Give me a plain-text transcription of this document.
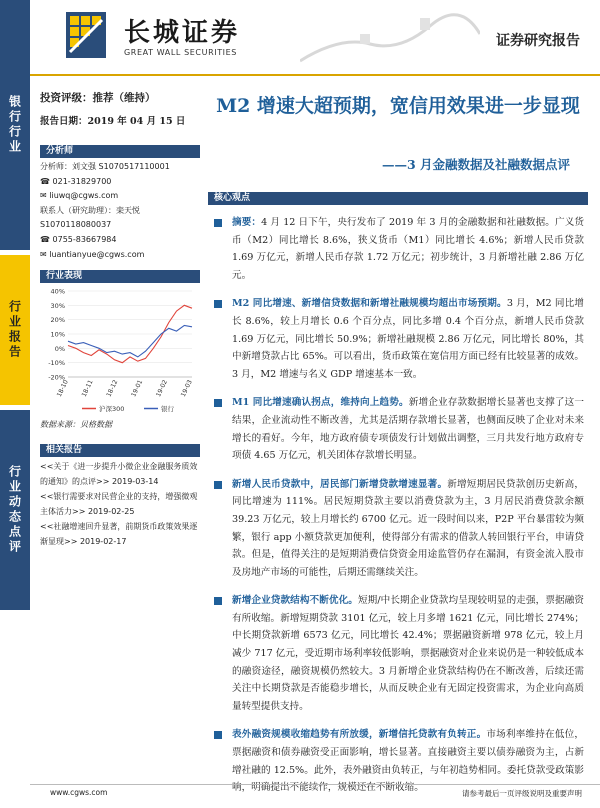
银行行业
行业报告
行业动态点评
长城证券
GREAT WALL SECURITIES
证券研究报告
投资评级：推荐（维持）
报告日期：2019 年 04 月 15 日
分析师
分析师：刘文强 S1070517110001
☎ 021-31829700
✉ liuwq@cgws.com
联系人（研究助理）：栾天悦
S1070118080037
☎ 0755-83667984
✉ luantianyue@cgws.com
行业表现
40%
30%
20%
10%
0%
-10%
-20%
18-10 18-11 18-12 19-01 19-02 19-03
沪深300	银行
数据来源：贝格数据
相关报告
<<关于《进一步提升小微企业金融服务质效的通知》的点评>> 2019-03-14
<<银行需要求对民营企业的支持，增强微观主体活力>> 2019-02-25
<<社融增速回升显著，前期货币政策效果逐渐显现>> 2019-02-17
M2 增速大超预期，宽信用效果进一步显现
——3 月金融数据及社融数据点评
核心观点
摘要：4 月 12 日下午，央行发布了 2019 年 3 月的金融数据和社融数据。广义货币（M2）同比增长 8.6%，狭义货币（M1）同比增长 4.6%；新增人民币贷款 1.69 万亿元，新增人民币存款 1.72 万亿元；初步统计，3 月新增社融 2.86 万亿元。
M2 同比增速、新增信贷数据和新增社融规模均超出市场预期。3 月，M2 同比增长 8.6%，较上月增长 0.6 个百分点，同比多增 0.4 个百分点，新增人民币贷款 1.69 万亿元，同比增长 50.9%；新增社融规模 2.86 万亿元，同比增长 80%，其中新增贷款占比 65%。可以看出，货币政策在宽信用方面已经有比较显著的成效。3 月，M2 增速与名义 GDP 增速基本一致。
M1 同比增速确认拐点，维持向上趋势。新增企业存款数据增长显著也支撑了这一结果，企业流动性不断改善，尤其是活期存款增长显著，也侧面反映了企业对未来增长的看好。今年，地方政府债专项债发行计划做出调整，三月共发行地方政府专项债 4.65 万亿元，机关团体存款增长明显。
新增人民币贷款中，居民部门新增贷款增速显著。新增短期居民贷款创历史新高，同比增速为 111%。居民短期贷款主要以消费贷款为主，3 月居民消费贷款余额 39.23 万亿元，较上月增长约 6700 亿元。近一段时间以来，P2P 平台暴雷较为频繁，银行 app 小额贷款更加便利，使得部分有需求的借款人转回银行平台，申请贷款。但是，值得关注的是短期消费信贷资金用途监管仍存在漏洞，有资金流入股市及房地产市场的可能性，后期还需继续关注。
新增企业贷款结构不断优化。短期/中长期企业贷款均呈现较明显的走强，票据融资有所收缩。新增短期贷款 3101 亿元，较上月多增 1621 亿元，同比增长 274%；中长期贷款新增 6573 亿元，同比增长 42.4%；票据融资新增 978 亿元，较上月减少 717 亿元，受近期市场利率较低影响，票据融资对企业来说仍是一种较低成本的融资途径，融资规模仍然较大。3 月新增企业贷款结构仍在不断改善，后续还需关注中长期贷款是否能稳步增长，从而反映企业有无固定投资需求，为企业向高质量转型提供支持。
表外融资规模收缩趋势有所放缓，新增信托贷款有负转正。市场利率维持在低位，票据融资和债券融资受正面影响，增长显著。直接融资主要以债券融资为主，占新增社融的 12.5%。此外，表外融资由负转正，与年初趋势相同。委托贷款受政策影响，明确提出不能续作，规模还在不断收缩。
www.cgws.com	请参考最后一页评级说明及重要声明
